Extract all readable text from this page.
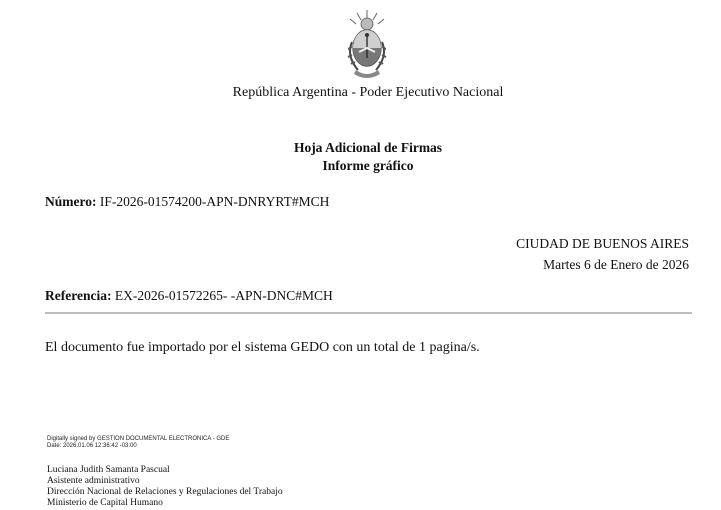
República Argentina - Poder Ejecutivo Nacional
Hoja Adicional de Firmas
Informe gráfico
Número: IF-2026-01574200-APN-DNRYRT#MCH
CIUDAD DE BUENOS AIRES
Martes 6 de Enero de 2026
Referencia: EX-2026-01572265- -APN-DNC#MCH
El documento fue importado por el sistema GEDO con un total de 1 pagina/s.
Digitally signed by GESTION DOCUMENTAL ELECTRONICA - GDE
Date: 2026.01.06 12:36:42 -03:00
Luciana Judith Samanta Pascual
Asistente administrativo
Dirección Nacional de Relaciones y Regulaciones del Trabajo
Ministerio de Capital Humano
